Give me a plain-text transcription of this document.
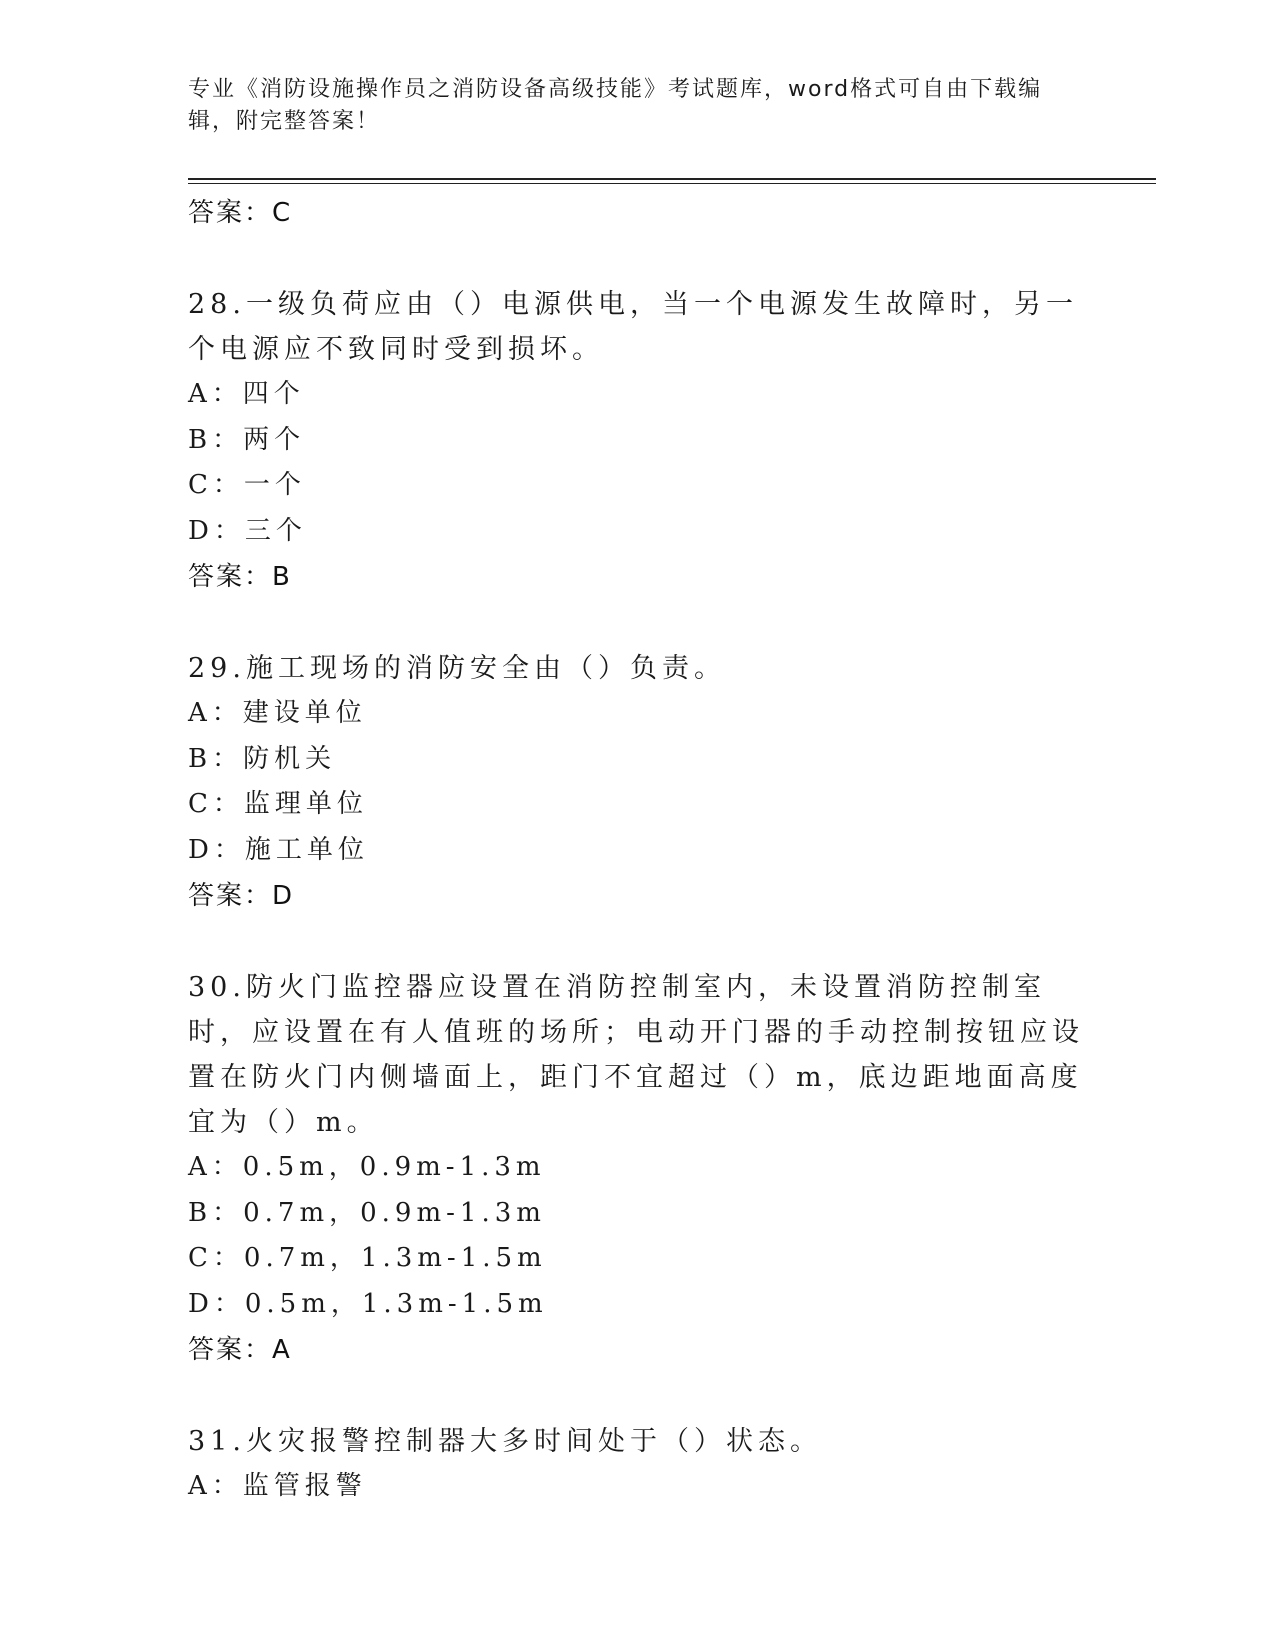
专业《消防设施操作员之消防设备高级技能》考试题库，word格式可自由下载编辑，附完整答案！

答案：C

28.一级负荷应由（）电源供电，当一个电源发生故障时，另一个电源应不致同时受到损坏。

A：四个

B：两个

C：一个

D：三个

答案：B

29.施工现场的消防安全由（）负责。

A：建设单位

B：防机关

C：监理单位

D：施工单位

答案：D

30.防火门监控器应设置在消防控制室内，未设置消防控制室时，应设置在有人值班的场所；电动开门器的手动控制按钮应设置在防火门内侧墙面上，距门不宜超过（）m，底边距地面高度宜为（）m。

A：0.5m，0.9m-1.3m

B：0.7m，0.9m-1.3m

C：0.7m，1.3m-1.5m

D：0.5m，1.3m-1.5m

答案：A

31.火灾报警控制器大多时间处于（）状态。

A：监管报警
